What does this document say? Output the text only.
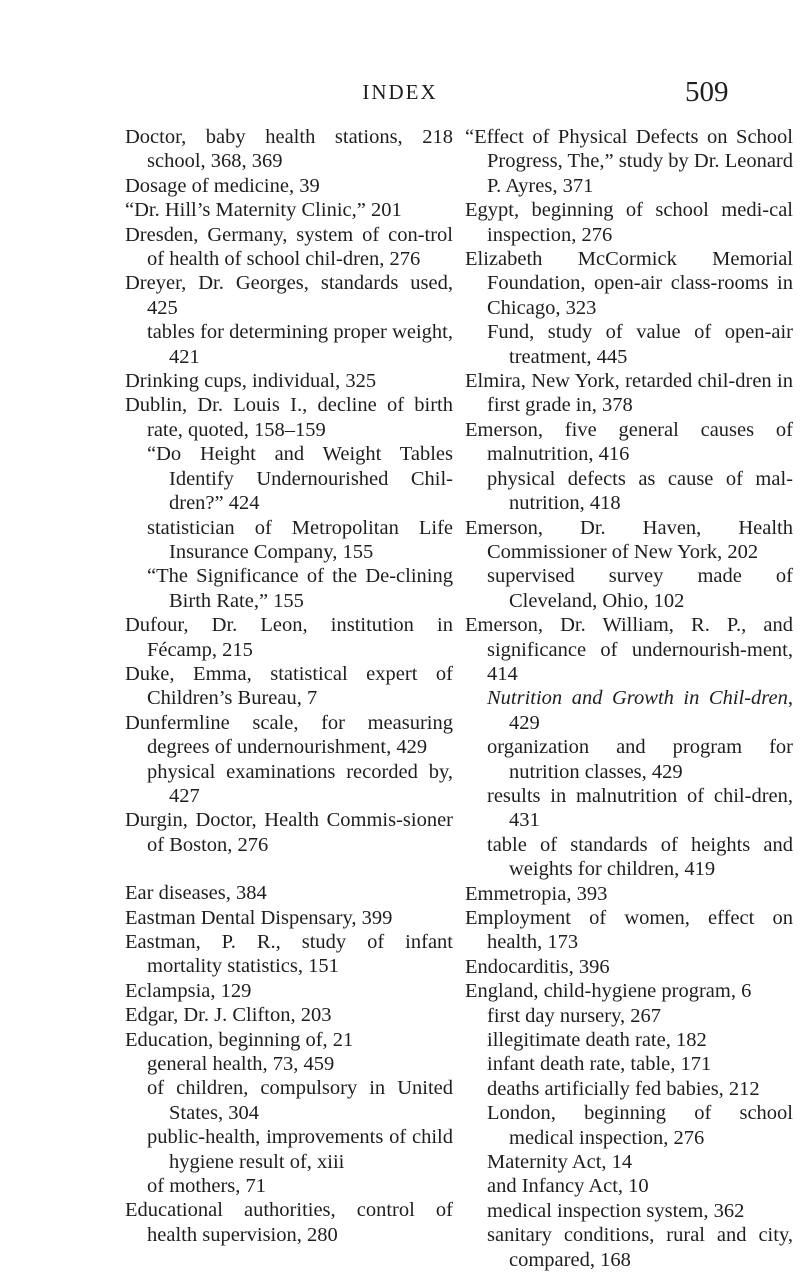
INDEX	509

Doctor, baby health stations, 218 school, 368, 369

Dosage of medicine, 39

“Dr. Hill’s Maternity Clinic,” 201

Dresden, Germany, system of con-trol of health of school chil-dren, 276

Dreyer, Dr. Georges, standards used, 425

tables for determining proper weight, 421

Drinking cups, individual, 325

Dublin, Dr. Louis I., decline of birth rate, quoted, 158–159

“Do Height and Weight Tables Identify Undernourished Chil-dren?” 424

statistician of Metropolitan Life Insurance Company, 155

“The Significance of the De-clining Birth Rate,” 155

Dufour, Dr. Leon, institution in Fécamp, 215

Duke, Emma, statistical expert of Children’s Bureau, 7

Dunfermline scale, for measuring degrees of undernourishment, 429

physical examinations recorded by, 427

Durgin, Doctor, Health Commis-sioner of Boston, 276

Ear diseases, 384

Eastman Dental Dispensary, 399

Eastman, P. R., study of infant mortality statistics, 151

Eclampsia, 129

Edgar, Dr. J. Clifton, 203

Education, beginning of, 21

general health, 73, 459

of children, compulsory in United States, 304

public-health, improvements of child hygiene result of, xiii

of mothers, 71

Educational authorities, control of health supervision, 280

“Effect of Physical Defects on School Progress, The,” study by Dr. Leonard P. Ayres, 371

Egypt, beginning of school medi-cal inspection, 276

Elizabeth McCormick Memorial Foundation, open-air class-rooms in Chicago, 323

Fund, study of value of open-air treatment, 445

Elmira, New York, retarded chil-dren in first grade in, 378

Emerson, five general causes of malnutrition, 416

physical defects as cause of mal-nutrition, 418

Emerson, Dr. Haven, Health Commissioner of New York, 202

supervised survey made of Cleveland, Ohio, 102

Emerson, Dr. William, R. P., and significance of undernourish-ment, 414

Nutrition and Growth in Chil-dren, 429

organization and program for nutrition classes, 429

results in malnutrition of chil-dren, 431

table of standards of heights and weights for children, 419

Emmetropia, 393

Employment of women, effect on health, 173

Endocarditis, 396

England, child-hygiene program, 6

first day nursery, 267

illegitimate death rate, 182

infant death rate, table, 171

deaths artificially fed babies, 212

London, beginning of school medical inspection, 276

Maternity Act, 14

and Infancy Act, 10

medical inspection system, 362

sanitary conditions, rural and city, compared, 168
